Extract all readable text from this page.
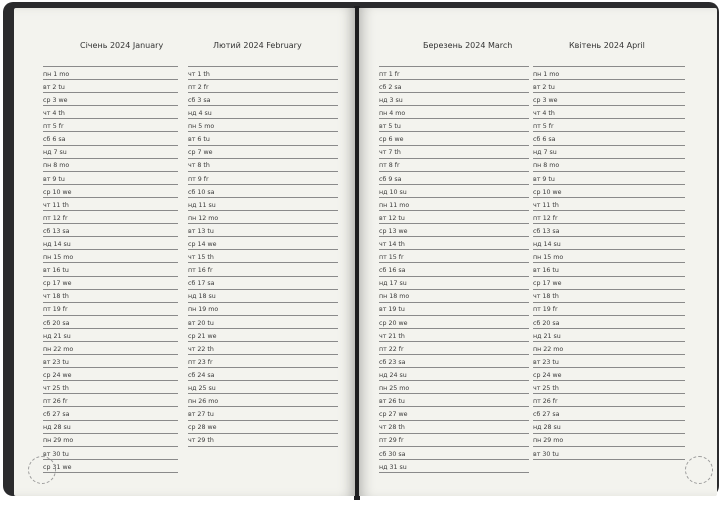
Січень 2024 January	Лютий 2024 February
пн 1 mo
вт 2 tu
ср 3 we
чт 4 th
пт 5 fr
сб 6 sa
нд 7 su
пн 8 mo
вт 9 tu
ср 10 we
чт 11 th
пт 12 fr
сб 13 sa
нд 14 su
пн 15 mo
вт 16 tu
ср 17 we
чт 18 th
пт 19 fr
сб 20 sa
нд 21 su
пн 22 mo
вт 23 tu
ср 24 we
чт 25 th
пт 26 fr
сб 27 sa
нд 28 su
пн 29 mo
вт 30 tu
ср 31 we
чт 1 th
пт 2 fr
сб 3 sa
нд 4 su
пн 5 mo
вт 6 tu
ср 7 we
чт 8 th
пт 9 fr
сб 10 sa
нд 11 su
пн 12 mo
вт 13 tu
ср 14 we
чт 15 th
пт 16 fr
сб 17 sa
нд 18 su
пн 19 mo
вт 20 tu
ср 21 we
чт 22 th
пт 23 fr
сб 24 sa
нд 25 su
пн 26 mo
вт 27 tu
ср 28 we
чт 29 th
Березень 2024 March	Квітень 2024 April
пт 1 fr
сб 2 sa
нд 3 su
пн 4 mo
вт 5 tu
ср 6 we
чт 7 th
пт 8 fr
сб 9 sa
нд 10 su
пн 11 mo
вт 12 tu
ср 13 we
чт 14 th
пт 15 fr
сб 16 sa
нд 17 su
пн 18 mo
вт 19 tu
ср 20 we
чт 21 th
пт 22 fr
сб 23 sa
нд 24 su
пн 25 mo
вт 26 tu
ср 27 we
чт 28 th
пт 29 fr
сб 30 sa
нд 31 su
пн 1 mo
вт 2 tu
ср 3 we
чт 4 th
пт 5 fr
сб 6 sa
нд 7 su
пн 8 mo
вт 9 tu
ср 10 we
чт 11 th
пт 12 fr
сб 13 sa
нд 14 su
пн 15 mo
вт 16 tu
ср 17 we
чт 18 th
пт 19 fr
сб 20 sa
нд 21 su
пн 22 mo
вт 23 tu
ср 24 we
чт 25 th
пт 26 fr
сб 27 sa
нд 28 su
пн 29 mo
вт 30 tu
